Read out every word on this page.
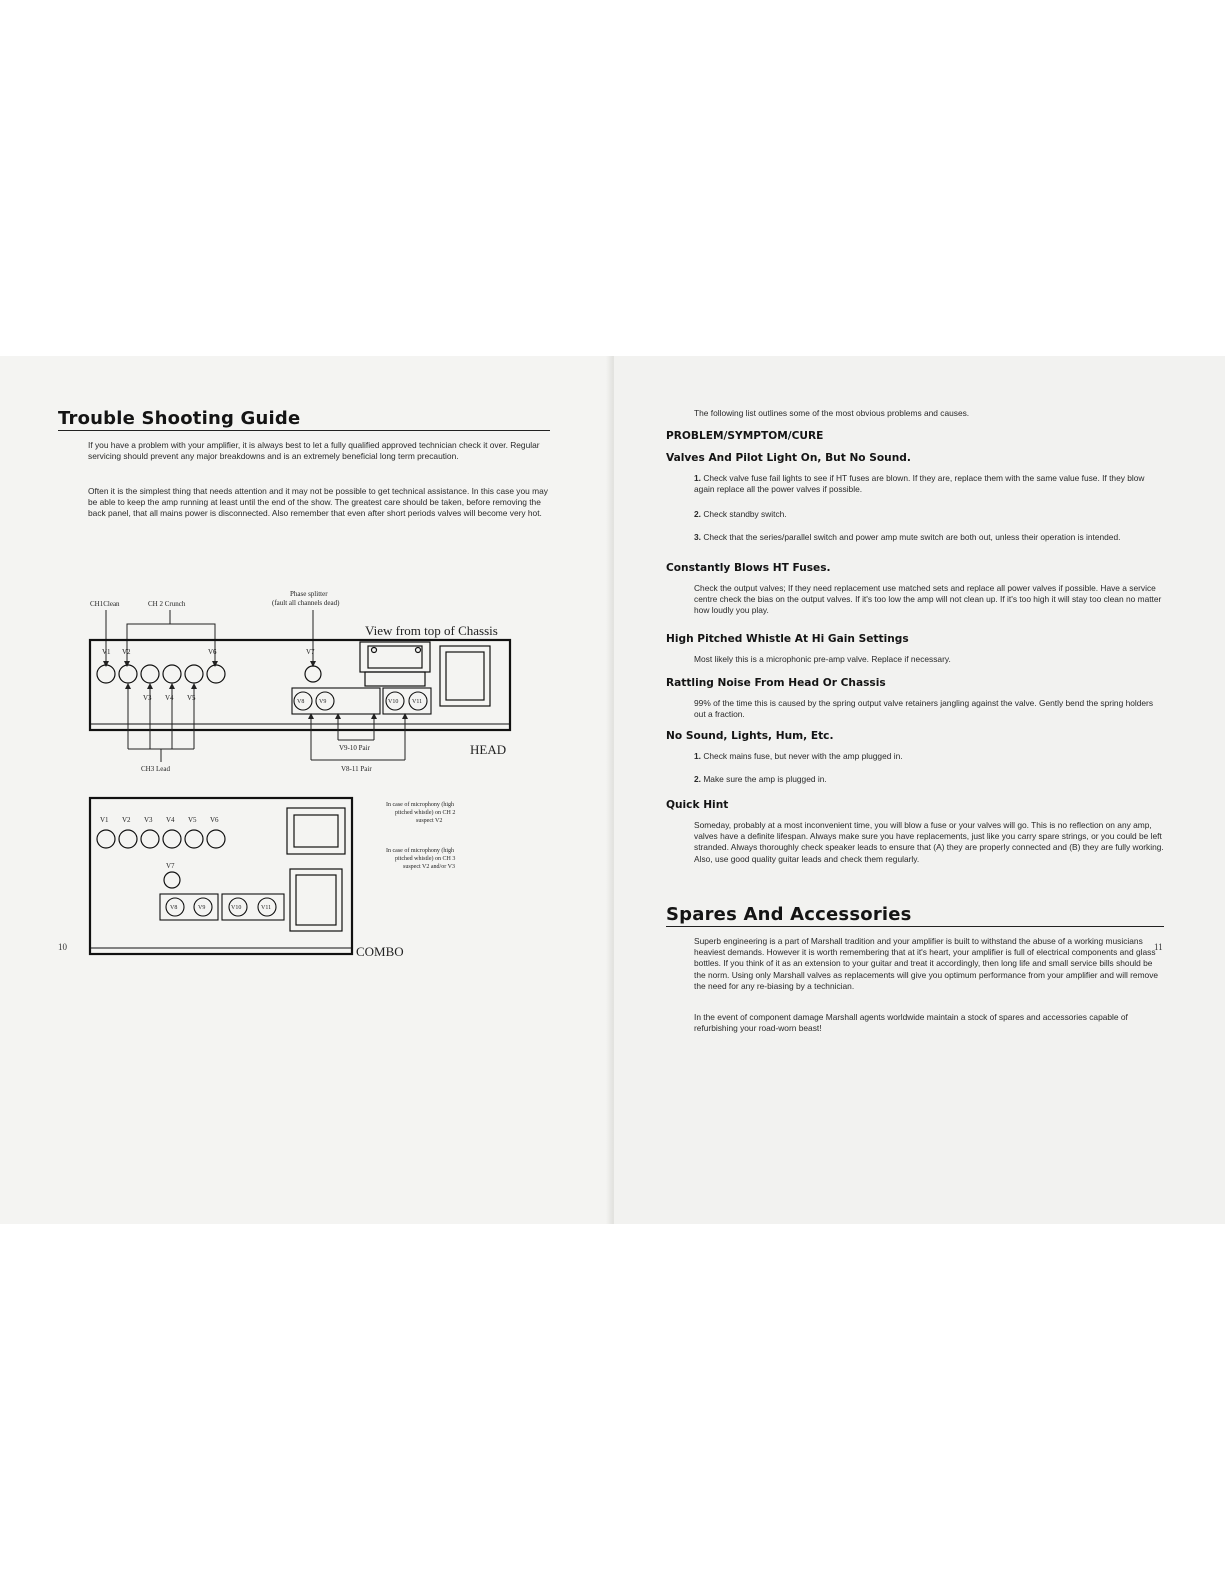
Trouble Shooting Guide

If you have a problem with your amplifier, it is always best to let a fully qualified approved technician check it over. Regular servicing should prevent any major breakdowns and is an extremely beneficial long term precaution.

Often it is the simplest thing that needs attention and it may not be possible to get technical assistance. In this case you may be able to keep the amp running at least until the end of the show. The greatest care should be taken, before removing the back panel, that all mains power is disconnected. Also remember that even after short periods valves will become very hot.

CH1Clean	CH 2 Crunch
Phase splitter
(fault all channels dead)
View from top of Chassis
V1 V2	V6	V7
V8 V9	V10 V11
V3 V4 V5
V9-10 Pair
V8-11 Pair
CH3 Lead
HEAD
V1 V2 V3 V4 V5 V6
V7
V8	V9	V10	V11
COMBO
In case of microphony (high
pitched whistle) on CH 2
suspect V2
In case of microphony (high
pitched whistle) on CH 3
suspect V2 and/or V3
10

The following list outlines some of the most obvious problems and causes.

PROBLEM/SYMPTOM/CURE
Valves And Pilot Light On, But No Sound.
1. Check valve fuse fail lights to see if HT fuses are blown. If they are, replace them with the same value fuse. If they blow again replace all the power valves if possible.
2. Check standby switch.
3. Check that the series/parallel switch and power amp mute switch are both out, unless their operation is intended.
Constantly Blows HT Fuses.

Check the output valves; If they need replacement use matched sets and replace all power valves if possible. Have a service centre check the bias on the output valves. If it's too low the amp will not clean up. If it's too high it will stay too clean no matter how loudly you play.

High Pitched Whistle At Hi Gain Settings

Most likely this is a microphonic pre-amp valve. Replace if necessary.

Rattling Noise From Head Or Chassis

99% of the time this is caused by the spring output valve retainers jangling against the valve. Gently bend the spring holders out a fraction.

No Sound, Lights, Hum, Etc.
1. Check mains fuse, but never with the amp plugged in.
2. Make sure the amp is plugged in.
Quick Hint

Someday, probably at a most inconvenient time, you will blow a fuse or your valves will go. This is no reflection on any amp, valves have a definite lifespan. Always make sure you have replacements, just like you carry spare strings, or you could be left stranded. Always thoroughly check speaker leads to ensure that (A) they are properly connected and (B) they are fully working. Also, use good quality guitar leads and check them regularly.

Spares And Accessories

Superb engineering is a part of Marshall tradition and your amplifier is built to withstand the abuse of a working musicians heaviest demands. However it is worth remembering that at it's heart, your amplifier is full of electrical components and glass bottles. If you think of it as an extension to your guitar and treat it accordingly, then long life and small service bills should be the norm. Using only Marshall valves as replacements will give you optimum performance from your amplifier and will remove the need for any re-biasing by a technician.

In the event of component damage Marshall agents worldwide maintain a stock of spares and accessories capable of refurbishing your road-worn beast!

11
